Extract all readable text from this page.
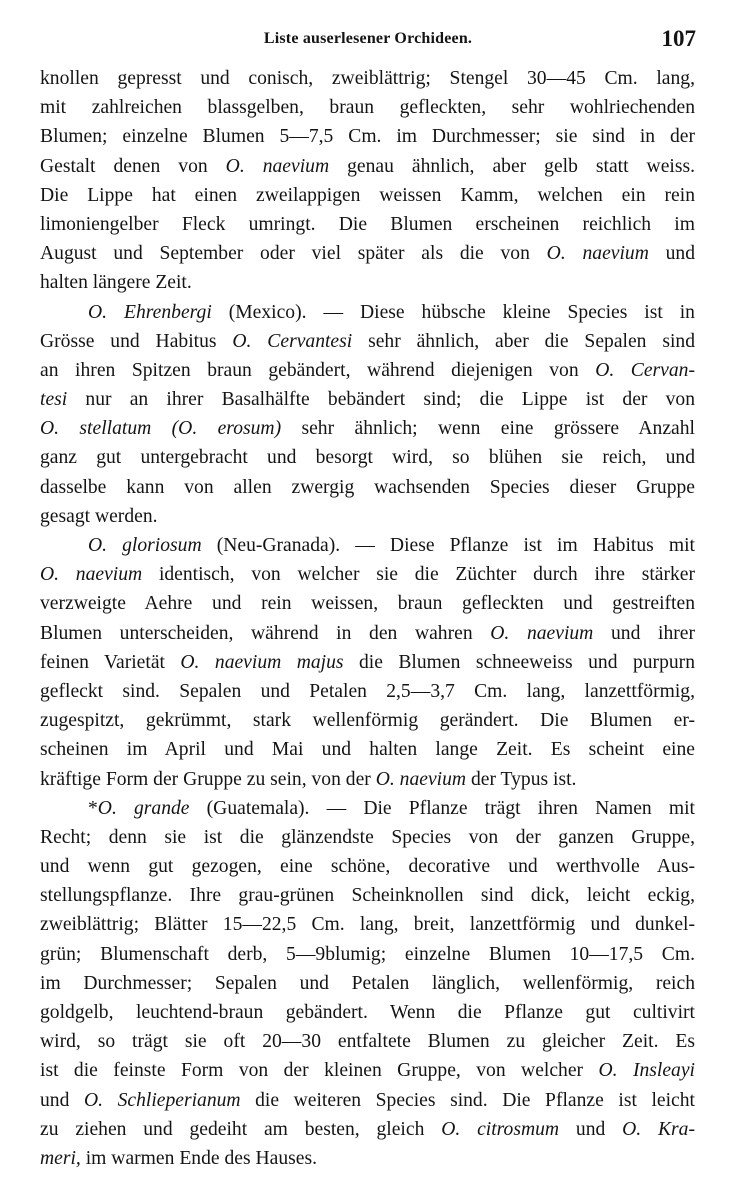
Liste auserlesener Orchideen.	107
knollen gepresst und conisch, zweiblättrig; Stengel 30—45 Cm. lang,
mit zahlreichen blassgelben, braun gefleckten, sehr wohlriechenden
Blumen; einzelne Blumen 5—7,5 Cm. im Durchmesser; sie sind in der
Gestalt denen von O. naevium genau ähnlich, aber gelb statt weiss.
Die Lippe hat einen zweilappigen weissen Kamm, welchen ein rein
limoniengelber Fleck umringt. Die Blumen erscheinen reichlich im
August und September oder viel später als die von O. naevium und
halten längere Zeit.
O. Ehrenbergi (Mexico). — Diese hübsche kleine Species ist in
Grösse und Habitus O. Cervantesi sehr ähnlich, aber die Sepalen sind
an ihren Spitzen braun gebändert, während diejenigen von O. Cervan-
tesi nur an ihrer Basalhälfte bebändert sind; die Lippe ist der von
O. stellatum (O. erosum) sehr ähnlich; wenn eine grössere Anzahl
ganz gut untergebracht und besorgt wird, so blühen sie reich, und
dasselbe kann von allen zwergig wachsenden Species dieser Gruppe
gesagt werden.
O. gloriosum (Neu-Granada). — Diese Pflanze ist im Habitus mit
O. naevium identisch, von welcher sie die Züchter durch ihre stärker
verzweigte Aehre und rein weissen, braun gefleckten und gestreiften
Blumen unterscheiden, während in den wahren O. naevium und ihrer
feinen Varietät O. naevium majus die Blumen schneeweiss und purpurn
gefleckt sind. Sepalen und Petalen 2,5—3,7 Cm. lang, lanzettförmig,
zugespitzt, gekrümmt, stark wellenförmig gerändert. Die Blumen er-
scheinen im April und Mai und halten lange Zeit. Es scheint eine
kräftige Form der Gruppe zu sein, von der O. naevium der Typus ist.
*O. grande (Guatemala). — Die Pflanze trägt ihren Namen mit
Recht; denn sie ist die glänzendste Species von der ganzen Gruppe,
und wenn gut gezogen, eine schöne, decorative und werthvolle Aus-
stellungspflanze. Ihre grau-grünen Scheinknollen sind dick, leicht eckig,
zweiblättrig; Blätter 15—22,5 Cm. lang, breit, lanzettförmig und dunkel-
grün; Blumenschaft derb, 5—9blumig; einzelne Blumen 10—17,5 Cm.
im Durchmesser; Sepalen und Petalen länglich, wellenförmig, reich
goldgelb, leuchtend-braun gebändert. Wenn die Pflanze gut cultivirt
wird, so trägt sie oft 20—30 entfaltete Blumen zu gleicher Zeit. Es
ist die feinste Form von der kleinen Gruppe, von welcher O. Insleayi
und O. Schlieperianum die weiteren Species sind. Die Pflanze ist leicht
zu ziehen und gedeiht am besten, gleich O. citrosmum und O. Kra-
meri, im warmen Ende des Hauses.
